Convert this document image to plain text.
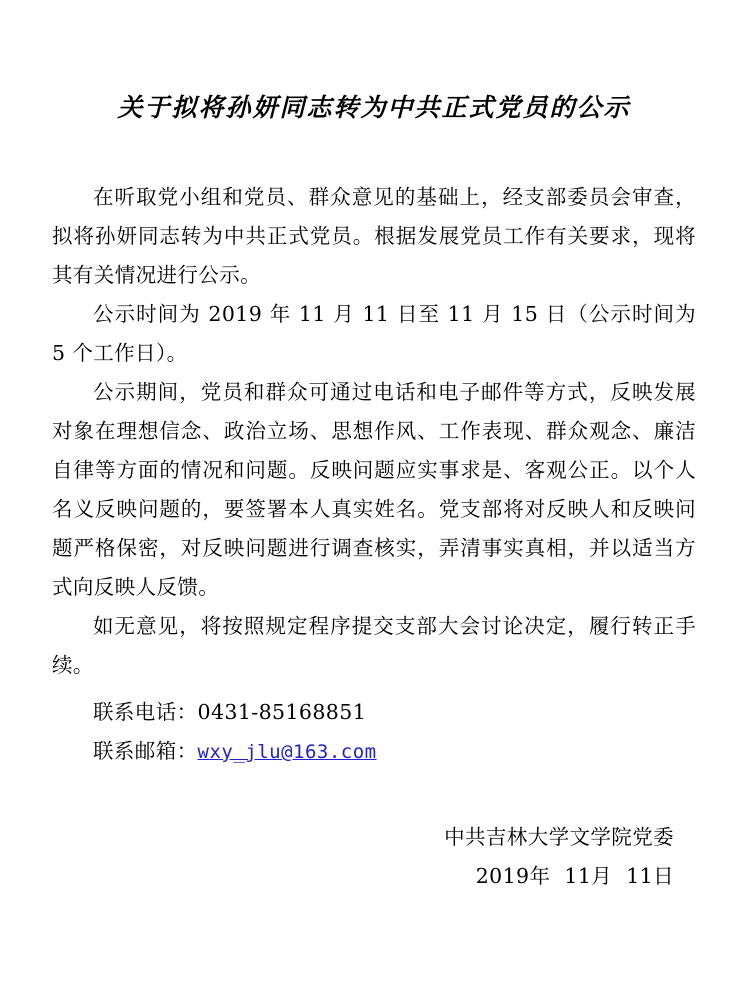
关于拟将孙妍同志转为中共正式党员的公示

在听取党小组和党员、群众意见的基础上，经支部委员会审查，拟将孙妍同志转为中共正式党员。根据发展党员工作有关要求，现将其有关情况进行公示。

公示时间为 2019 年 11 月 11 日至 11 月 15 日（公示时间为 5 个工作日）。

公示期间，党员和群众可通过电话和电子邮件等方式，反映发展对象在理想信念、政治立场、思想作风、工作表现、群众观念、廉洁自律等方面的情况和问题。反映问题应实事求是、客观公正。以个人名义反映问题的，要签署本人真实姓名。党支部将对反映人和反映问题严格保密，对反映问题进行调查核实，弄清事实真相，并以适当方式向反映人反馈。

如无意见，将按照规定程序提交支部大会讨论决定，履行转正手续。

联系电话：0431-85168851

联系邮箱：wxy_jlu@163.com

中共吉林大学文学院党委
2019年 11月 11日
